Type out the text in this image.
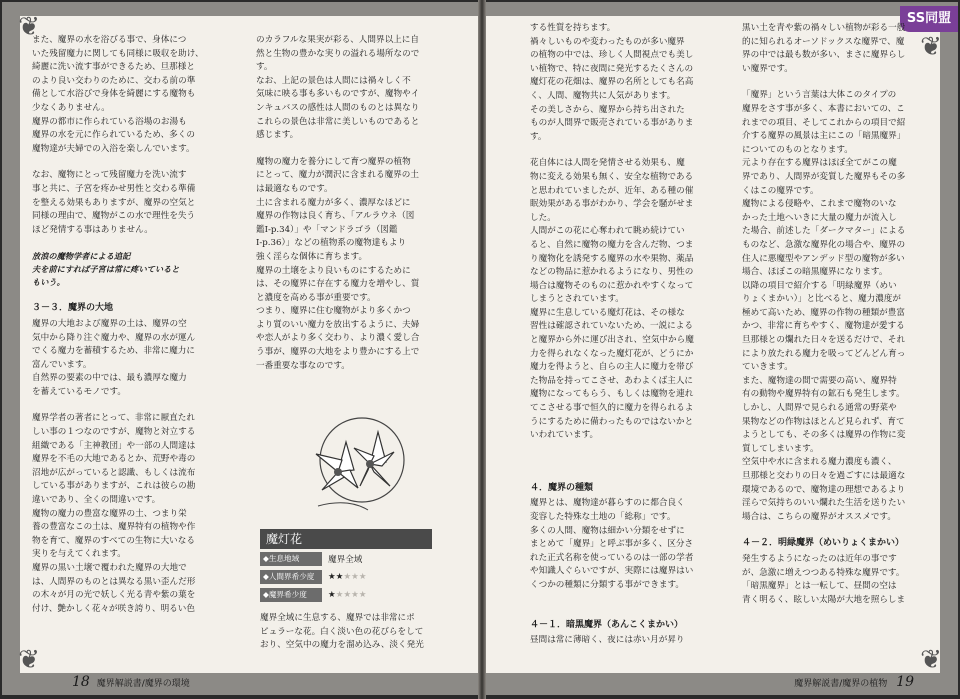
❦
❦
また、魔界の水を浴びる事で、身体につ
いた残留魔力に関しても同様に吸収を助け、
綺麗に洗い流す事ができるため、旦那様と
のより良い交わりのために、交わる前の準
備として水浴びで身体を綺麗にする魔物も
少なくありません。
魔界の都市に作られている浴場のお湯も
魔界の水を元に作られているため、多くの
魔物達が夫婦での入浴を楽しんでいます。
なお、魔物にとって残留魔力を洗い流す
事と共に、子宮を疼かせ男性と交わる準備
を整える効果もありますが、魔界の空気と
同様の理由で、魔物がこの水で理性を失う
ほど発情する事はありません。
放浪の魔物学者による追記
夫を前にすれば子宮は常に疼いていると
もいう。
３－３．魔界の大地
魔界の大地および魔界の土は、魔界の空
気中から降り注ぐ魔力や、魔界の水が運ん
でくる魔力を蓄積するため、非常に魔力に
富んでいます。
自然界の要素の中では、最も濃厚な魔力
を蓄えているモノです。
魔界学者の著者にとって、非常に厭直たれ
しい事の１つなのですが、魔物と対立する
組織である「主神教団」や一部の人間達は
魔界を不毛の大地であるとか、荒野や毒の
沼地が広がっていると認識、もしくは流布
している事がありますが、これは彼らの勘
違いであり、全くの間違いです。
魔物の魔力の豊富な魔界の土、つまり栄
養の豊富なこの土は、魔界特有の植物や作
物を育て、魔界のすべての生物に大いなる
実りを与えてくれます。
魔界の黒い土壌で覆われた魔界の大地で
は、人間界のものとは異なる黒い歪んだ形
の木々が月の光で妖しく光る青や紫の葉を
付け、艶かしく花々が咲き誇り、明るい色
のカラフルな果実が彩る、人間界以上に自
然と生物の豊かな実りの溢れる場所なので
す。
なお、上記の景色は人間には禍々しく不
気味に映る事も多いものですが、魔物やイ
ンキュバスの感性は人間のものとは異なり
これらの景色は非常に美しいものであると
感じます。
魔物の魔力を養分にして育つ魔界の植物
にとって、魔力が潤沢に含まれる魔界の土
は最適なものです。
土に含まれる魔力が多く、濃厚なほどに
魔界の作物は良く育ち、「アルラウネ（図
鑑Ⅰ-p.34）」や「マンドラゴラ（図鑑
Ⅰ-p.36）」などの植物系の魔物達もより
強く淫らな個体に育ちます。
魔界の土壌をより良いものにするために
は、その魔界に存在する魔力を増やし、質
と濃度を高める事が重要です。
つまり、魔界に住む魔物がより多くかつ
より質のいい魔力を放出するように、夫婦
や恋人がより多く交わり、より濃く愛し合
う事が、魔界の大地をより豊かにする上で
一番重要な事なのです。
魔灯花
◆生息地域	魔界全域
◆人間界希少度	★★★★★
◆魔界希少度	★★★★★
魔界全域に生息する、魔界では非常にポ
ピュラーな花。白く淡い色の花びらをして
おり、空気中の魔力を溜め込み、淡く発光
18 魔界解説書/魔界の環境
SS同盟
❦
❦
する性質を持ちます。
禍々しいものや変わったものが多い魔界
の植物の中では、珍しく人間視点でも美し
い植物で、特に夜間に発光するたくさんの
魔灯花の花畑は、魔界の名所としても名高
く、人間、魔物共に人気があります。
その美しさから、魔界から持ち出された
ものが人間界で販売されている事がありま
す。
花自体には人間を発情させる効果も、魔
物に変える効果も無く、安全な植物である
と思われていましたが、近年、ある種の催
眠効果がある事がわかり、学会を騒がせま
した。
人間がこの花に心奪われて眺め続けてい
ると、自然に魔物の魔力を含んだ物、つま
り魔物化を誘発する魔界の水や果物、薬品
などの物品に惹かれるようになり、男性の
場合は魔物そのものに惹かれやすくなって
しまうとされています。
魔界に生息している魔灯花は、その様な
習性は確認されていないため、一説による
と魔界から外に運び出され、空気中から魔
力を得られなくなった魔灯花が、どうにか
魔力を得ようと、自らの主人に魔力を帯び
た物品を持ってこさせ、あわよくば主人に
魔物になってもらう、もしくは魔物を連れ
てこさせる事で恒久的に魔力を得られるよ
うにするために備わったものではないかと
いわれています。
４．魔界の種類
魔界とは、魔物達が暮らすのに都合良く
変容した特殊な土地の「総称」です。
多くの人間、魔物は細かい分類をせずに
まとめて「魔界」と呼ぶ事が多く、区分さ
れた正式名称を使っているのは一部の学者
や知識人ぐらいですが、実際には魔界はい
くつかの種類に分類する事ができます。
４－１．暗黒魔界（あんこくまかい）
昼間は常に薄暗く、夜には赤い月が昇り
黒い土を青や紫の禍々しい植物が彩る一般
的に知られるオーソドックスな魔界で、魔
界の中では最も数が多い、まさに魔界らし
い魔界です。
「魔界」という言葉は大体このタイプの
魔界をさす事が多く、本書においての、こ
れまでの項目、そしてこれからの項目で紹
介する魔界の風景は主にこの「暗黒魔界」
についてのものとなります。
元より存在する魔界はほぼ全てがこの魔
界であり、人間界が変質した魔界もその多
くはこの魔界です。
魔物による侵略や、これまで魔物のいな
かった土地へいきに大量の魔力が流入し
た場合、前述した「ダークマター」による
ものなど、急激な魔界化の場合や、魔界の
住人に悪魔型やアンデッド型の魔物が多い
場合、ほぼこの暗黒魔界になります。
以降の項目で紹介する「明緑魔界（めい
りょくまかい）」と比べると、魔力濃度が
極めて高いため、魔界の作物の種類が豊富
かつ、非常に育ちやすく、魔物達が愛する
旦那様との爛れた日々を送るだけで、それ
により放たれる魔力を吸ってどんどん育っ
ていきます。
また、魔物達の間で需要の高い、魔界特
有の動物や魔界特有の鉱石も発生します。
しかし、人間界で見られる通常の野菜や
果物などの作物はほとんど見られず、育て
ようとしても、その多くは魔界の作物に変
質してしまいます。
空気中や水に含まれる魔力濃度も濃く、
旦那様と交わりの日々を過ごすには最適な
環境であるので、魔物達の理想であるより
淫らで気持ちのいい爛れた生活を送りたい
場合は、こちらの魔界がオススメです。
４－２．明緑魔界（めいりょくまかい）
発生するようになったのは近年の事です
が、急激に増えつつある特殊な魔界です。
「暗黒魔界」とは一転して、昼間の空は
青く明るく、眩しい太陽が大地を照らしま
魔界解説書/魔界の植物 19
